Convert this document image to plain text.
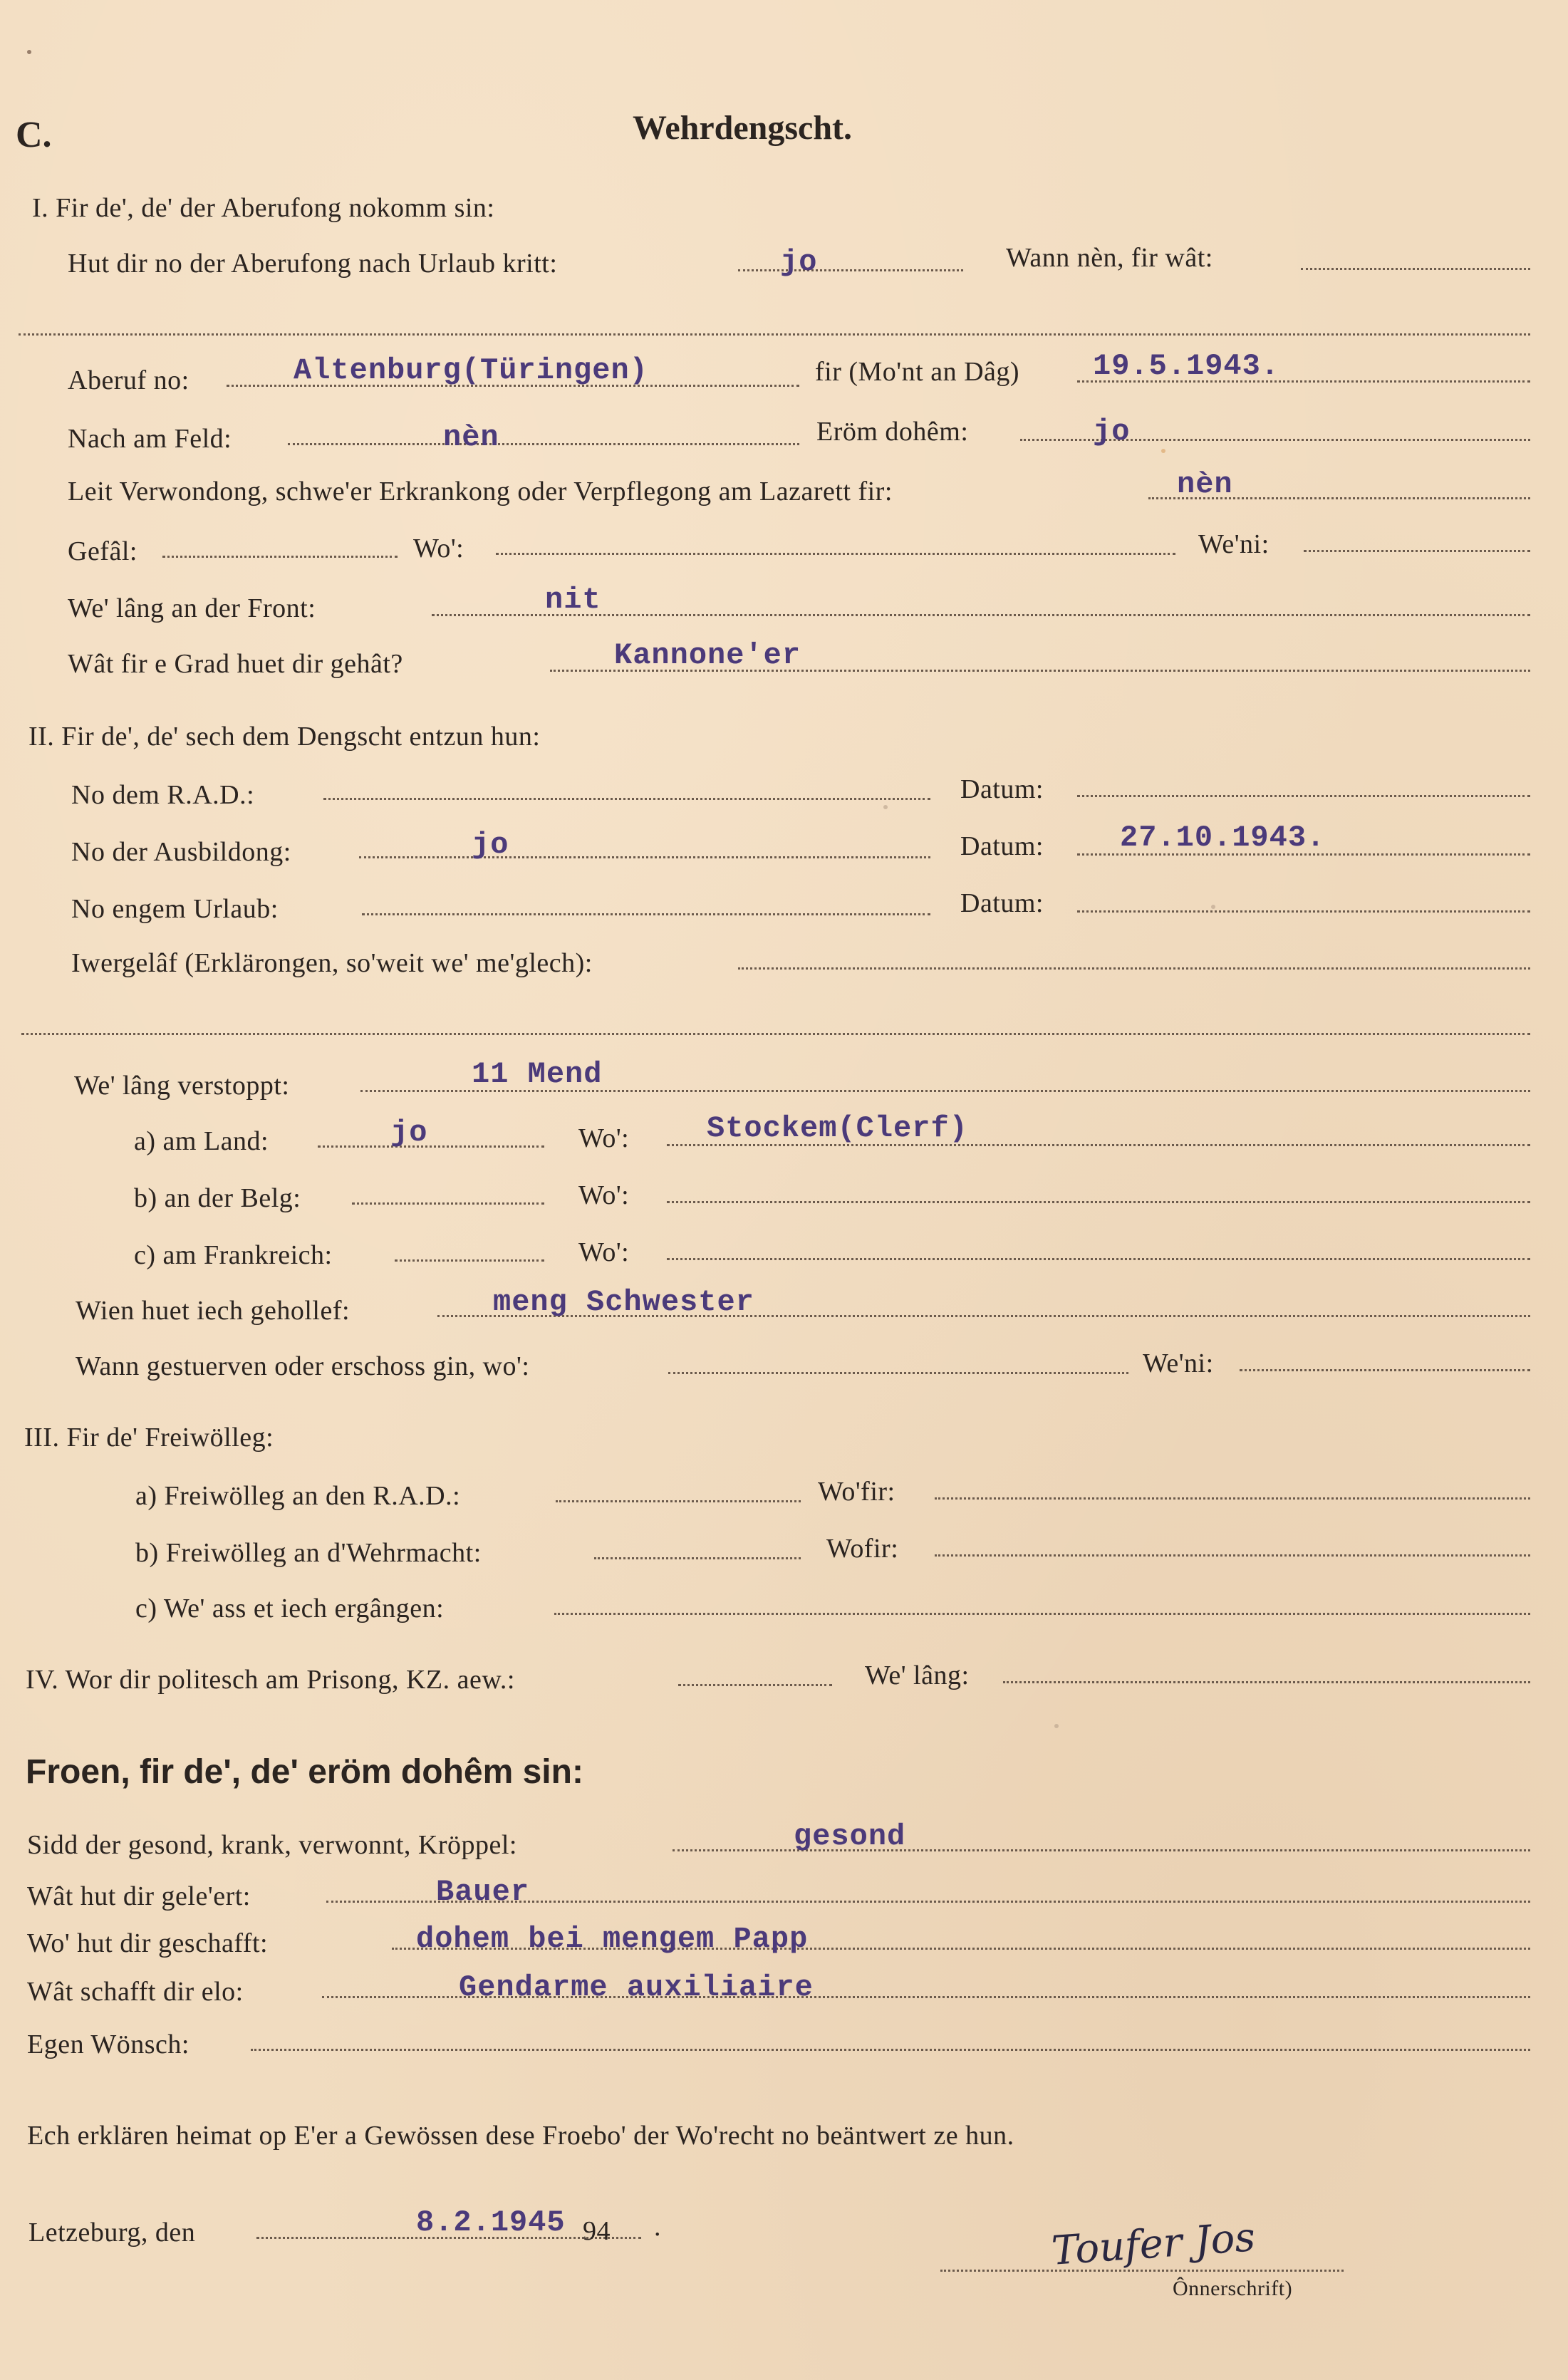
C.	Wehrdengscht.
I. Fir de', de' der Aberufong nokomm sin:
Hut dir no der Aberufong nach Urlaub kritt:	jo	Wann nèn, fir wât:
Aberuf no:	Altenburg(Türingen)	fir (Mo'nt an Dâg) 19.5.1943.
Nach am Feld:	nèn	Eröm dohêm:	jo
Leit Verwondong, schwe'er Erkrankong oder Verpflegong am Lazarett fir:	nèn
Gefâl:	Wo':	We'ni:
We' lâng an der Front:	nit
Wât fir e Grad huet dir gehât?	Kannone'er
II. Fir de', de' sech dem Dengscht entzun hun:
No dem R.A.D.:	Datum:
No der Ausbildong:	jo	Datum:	27.10.1943.
No engem Urlaub:	Datum:
Iwergelâf (Erklärongen, so'weit we' me'glech):
We' lâng verstoppt:	11 Mend
a) am Land:	jo	Wo':	Stockem(Clerf)
b) an der Belg:	Wo':
c) am Frankreich:	Wo':
Wien huet iech gehollef:	meng Schwester
Wann gestuerven oder erschoss gin, wo':	We'ni:
III. Fir de' Freiwölleg:
a) Freiwölleg an den R.A.D.:	Wo'fir:
b) Freiwölleg an d'Wehrmacht:	Wofir:
c) We' ass et iech ergângen:
IV. Wor dir politesch am Prisong, KZ. aew.:	We' lâng:
Froen, fir de', de' eröm dohêm sin:
Sidd der gesond, krank, verwonnt, Kröppel:	gesond
Wât hut dir gele'ert:	Bauer
Wo' hut dir geschafft:	dohem bei mengem Papp
Wât schafft dir elo:	Gendarme auxiliaire
Egen Wönsch:
Ech erklären heimat op E'er a Gewössen dese Froebo' der Wo'recht no beäntwert ze hun.
Letzeburg, den	8.2.1945 94 .	Toufer Jos
Ônnerschrift)
